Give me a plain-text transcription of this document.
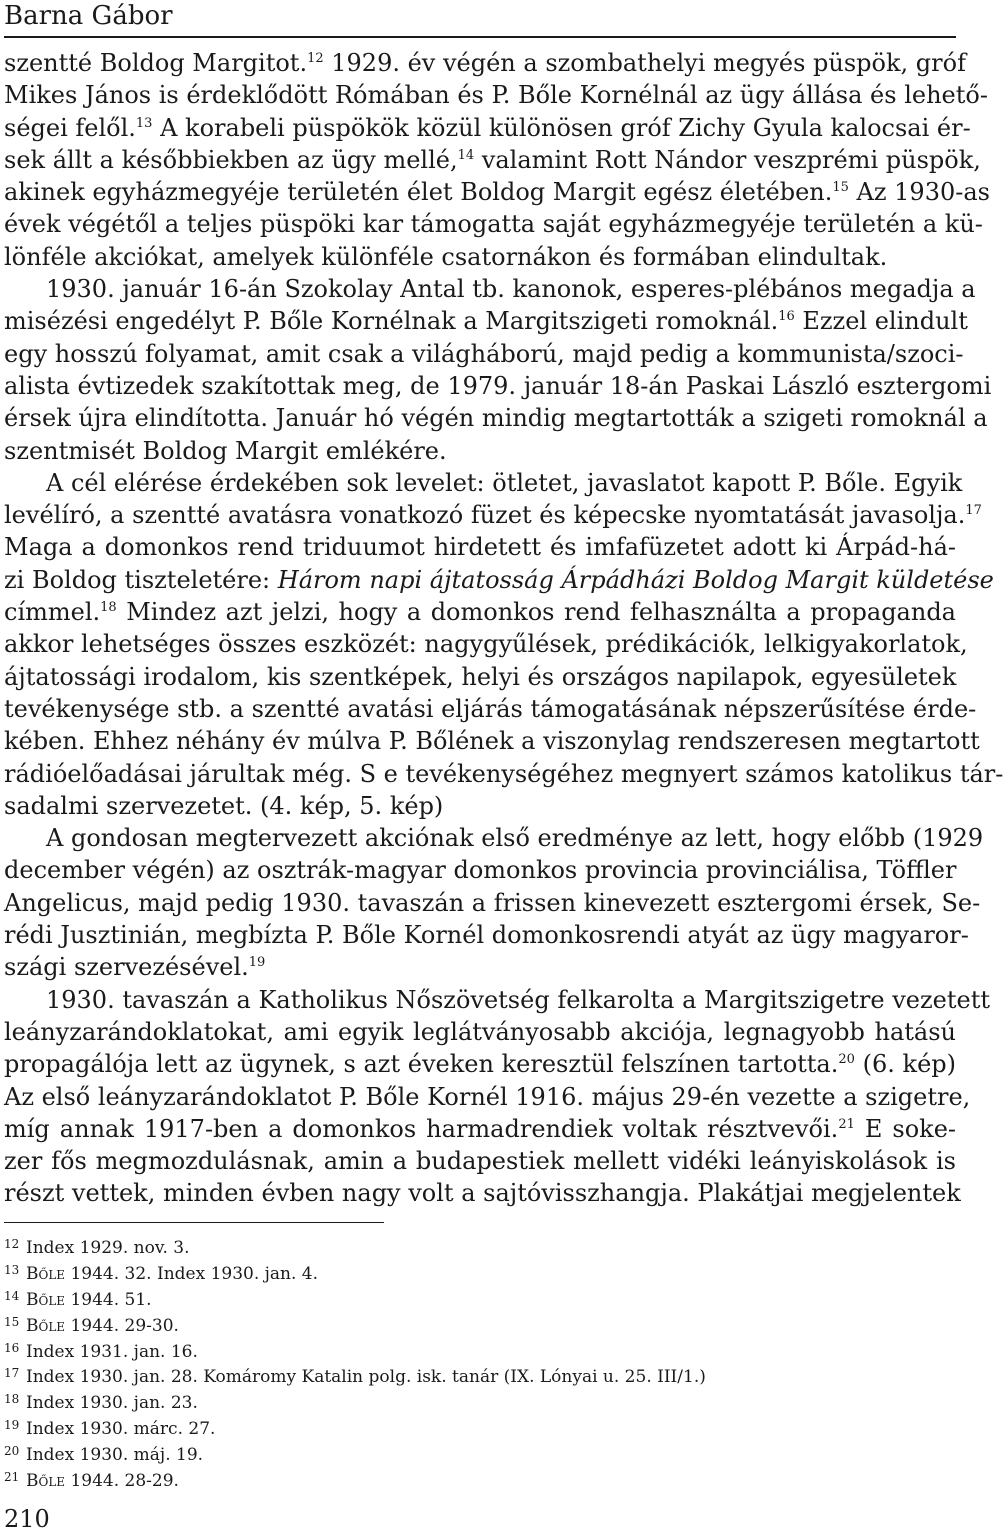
Barna Gábor
szentté Boldog Margitot.$^{12}$ 1929. év végén a szombathelyi megyés püspök, gróf
Mikes János is érdeklődött Rómában és P. Bőle Kornélnál az ügy állása és lehető-
ségei felől.$^{13}$ A korabeli püspökök közül különösen gróf Zichy Gyula kalocsai ér-
sek állt a későbbiekben az ügy mellé,$^{14}$ valamint Rott Nándor veszprémi püspök,
akinek egyházmegyéje területén élet Boldog Margit egész életében.$^{15}$ Az 1930-as
évek végétől a teljes püspöki kar támogatta saját egyházmegyéje területén a kü-
lönféle akciókat, amelyek különféle csatornákon és formában elindultak.
1930. január 16-án Szokolay Antal tb. kanonok, esperes-plébános megadja a
misézési engedélyt P. Bőle Kornélnak a Margitszigeti romoknál.$^{16}$ Ezzel elindult
egy hosszú folyamat, amit csak a világháború, majd pedig a kommunista/szoci-
alista évtizedek szakítottak meg, de 1979. január 18-án Paskai László esztergomi
érsek újra elindította. Január hó végén mindig megtartották a szigeti romoknál a
szentmisét Boldog Margit emlékére.
A cél elérése érdekében sok levelet: ötletet, javaslatot kapott P. Bőle. Egyik
levélíró, a szentté avatásra vonatkozó füzet és képecske nyomtatását javasolja.$^{17}$
Maga a domonkos rend triduumot hirdetett és imfafüzetet adott ki Árpád-há-
zi Boldog tiszteletére: Három napi ájtatosság Árpádházi Boldog Margit küldetése
címmel.$^{18}$ Mindez azt jelzi, hogy a domonkos rend felhasználta a propaganda
akkor lehetséges összes eszközét: nagygyűlések, prédikációk, lelkigyakorlatok,
ájtatossági irodalom, kis szentképek, helyi és országos napilapok, egyesületek
tevékenysége stb. a szentté avatási eljárás támogatásának népszerűsítése érde-
kében. Ehhez néhány év múlva P. Bőlének a viszonylag rendszeresen megtartott
rádióelőadásai járultak még. S e tevékenységéhez megnyert számos katolikus tár-
sadalmi szervezetet. (4. kép, 5. kép)
A gondosan megtervezett akciónak első eredménye az lett, hogy előbb (1929
december végén) az osztrák-magyar domonkos provincia provinciálisa, Töffler
Angelicus, majd pedig 1930. tavaszán a frissen kinevezett esztergomi érsek, Se-
rédi Jusztinián, megbízta P. Bőle Kornél domonkosrendi atyát az ügy magyaror-
szági szervezésével.$^{19}$
1930. tavaszán a Katholikus Nőszövetség felkarolta a Margitszigetre vezetett
leányzarándoklatokat, ami egyik leglátványosabb akciója, legnagyobb hatású
propagálója lett az ügynek, s azt éveken keresztül felszínen tartotta.$^{20}$ (6. kép)
Az első leányzarándoklatot P. Bőle Kornél 1916. május 29-én vezette a szigetre,
míg annak 1917-ben a domonkos harmadrendiek voltak résztvevői.$^{21}$ E soke-
zer fős megmozdulásnak, amin a budapestiek mellett vidéki leányiskolások is
részt vettek, minden évben nagy volt a sajtóvisszhangja. Plakátjai megjelentek
12 Index 1929. nov. 3.
13 Bőle 1944. 32. Index 1930. jan. 4.
14 Bőle 1944. 51.
15 Bőle 1944. 29-30.
16 Index 1931. jan. 16.
17 Index 1930. jan. 28. Komáromy Katalin polg. isk. tanár (IX. Lónyai u. 25. III/1.)
18 Index 1930. jan. 23.
19 Index 1930. márc. 27.
20 Index 1930. máj. 19.
21 Bőle 1944. 28-29.
210
